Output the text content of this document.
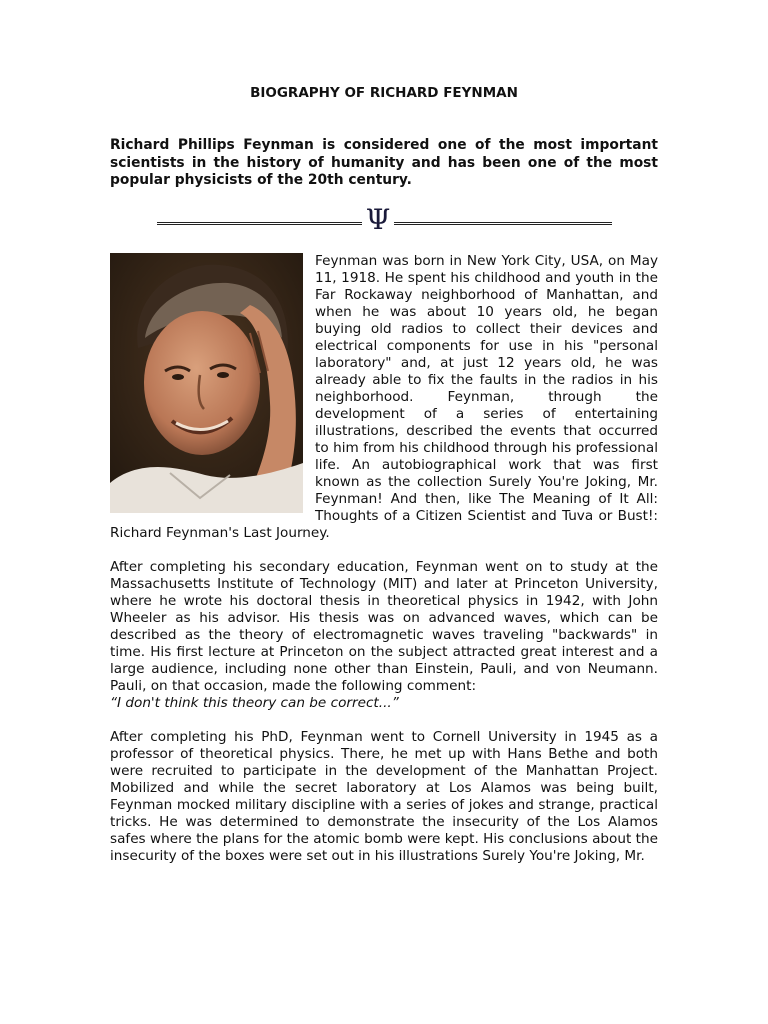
BIOGRAPHY OF RICHARD FEYNMAN
Richard Phillips Feynman is considered one of the most important scientists in the history of humanity and has been one of the most popular physicists of the 20th century.
Ψ

Feynman was born in New York City, USA, on May 11, 1918. He spent his childhood and youth in the Far Rockaway neighborhood of Manhattan, and when he was about 10 years old, he began buying old radios to collect their devices and electrical components for use in his "personal laboratory" and, at just 12 years old, he was already able to fix the faults in the radios in his neighborhood. Feynman, through the development of a series of entertaining illustrations, described the events that occurred to him from his childhood through his professional life. An autobiographical work that was first known as the collection Surely You're Joking, Mr. Feynman! And then, like The Meaning of It All: Thoughts of a Citizen Scientist and Tuva or Bust!: Richard Feynman's Last Journey.

After completing his secondary education, Feynman went on to study at the Massachusetts Institute of Technology (MIT) and later at Princeton University, where he wrote his doctoral thesis in theoretical physics in 1942, with John Wheeler as his advisor. His thesis was on advanced waves, which can be described as the theory of electromagnetic waves traveling "backwards" in time. His first lecture at Princeton on the subject attracted great interest and a large audience, including none other than Einstein, Pauli, and von Neumann. Pauli, on that occasion, made the following comment:

“I don't think this theory can be correct...”

After completing his PhD, Feynman went to Cornell University in 1945 as a professor of theoretical physics. There, he met up with Hans Bethe and both were recruited to participate in the development of the Manhattan Project. Mobilized and while the secret laboratory at Los Alamos was being built, Feynman mocked military discipline with a series of jokes and strange, practical tricks. He was determined to demonstrate the insecurity of the Los Alamos safes where the plans for the atomic bomb were kept. His conclusions about the insecurity of the boxes were set out in his illustrations Surely You're Joking, Mr.
